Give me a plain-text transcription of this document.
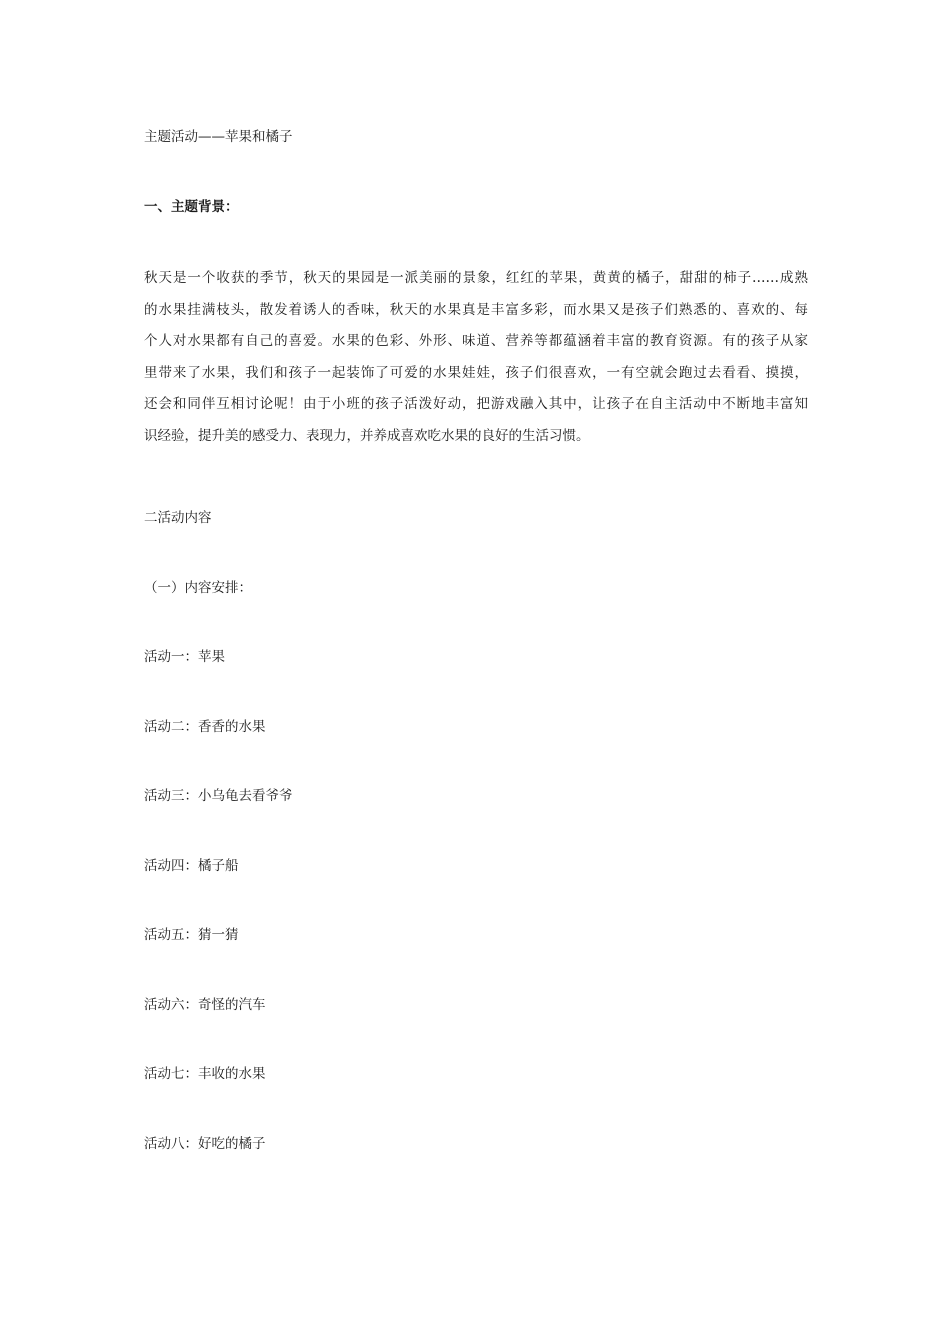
主题活动——苹果和橘子
一、主题背景：
秋天是一个收获的季节，秋天的果园是一派美丽的景象，红红的苹果，黄黄的橘子，甜甜的柿子……成熟
的水果挂满枝头，散发着诱人的香味，秋天的水果真是丰富多彩，而水果又是孩子们熟悉的、喜欢的、每
个人对水果都有自己的喜爱。水果的色彩、外形、味道、营养等都蕴涵着丰富的教育资源。有的孩子从家
里带来了水果，我们和孩子一起装饰了可爱的水果娃娃，孩子们很喜欢，一有空就会跑过去看看、摸摸，
还会和同伴互相讨论呢！由于小班的孩子活泼好动，把游戏融入其中，让孩子在自主活动中不断地丰富知
识经验，提升美的感受力、表现力，并养成喜欢吃水果的良好的生活习惯。
二活动内容
（一）内容安排：
活动一：苹果
活动二：香香的水果
活动三：小乌龟去看爷爷
活动四：橘子船
活动五：猜一猜
活动六：奇怪的汽车
活动七：丰收的水果
活动八：好吃的橘子
